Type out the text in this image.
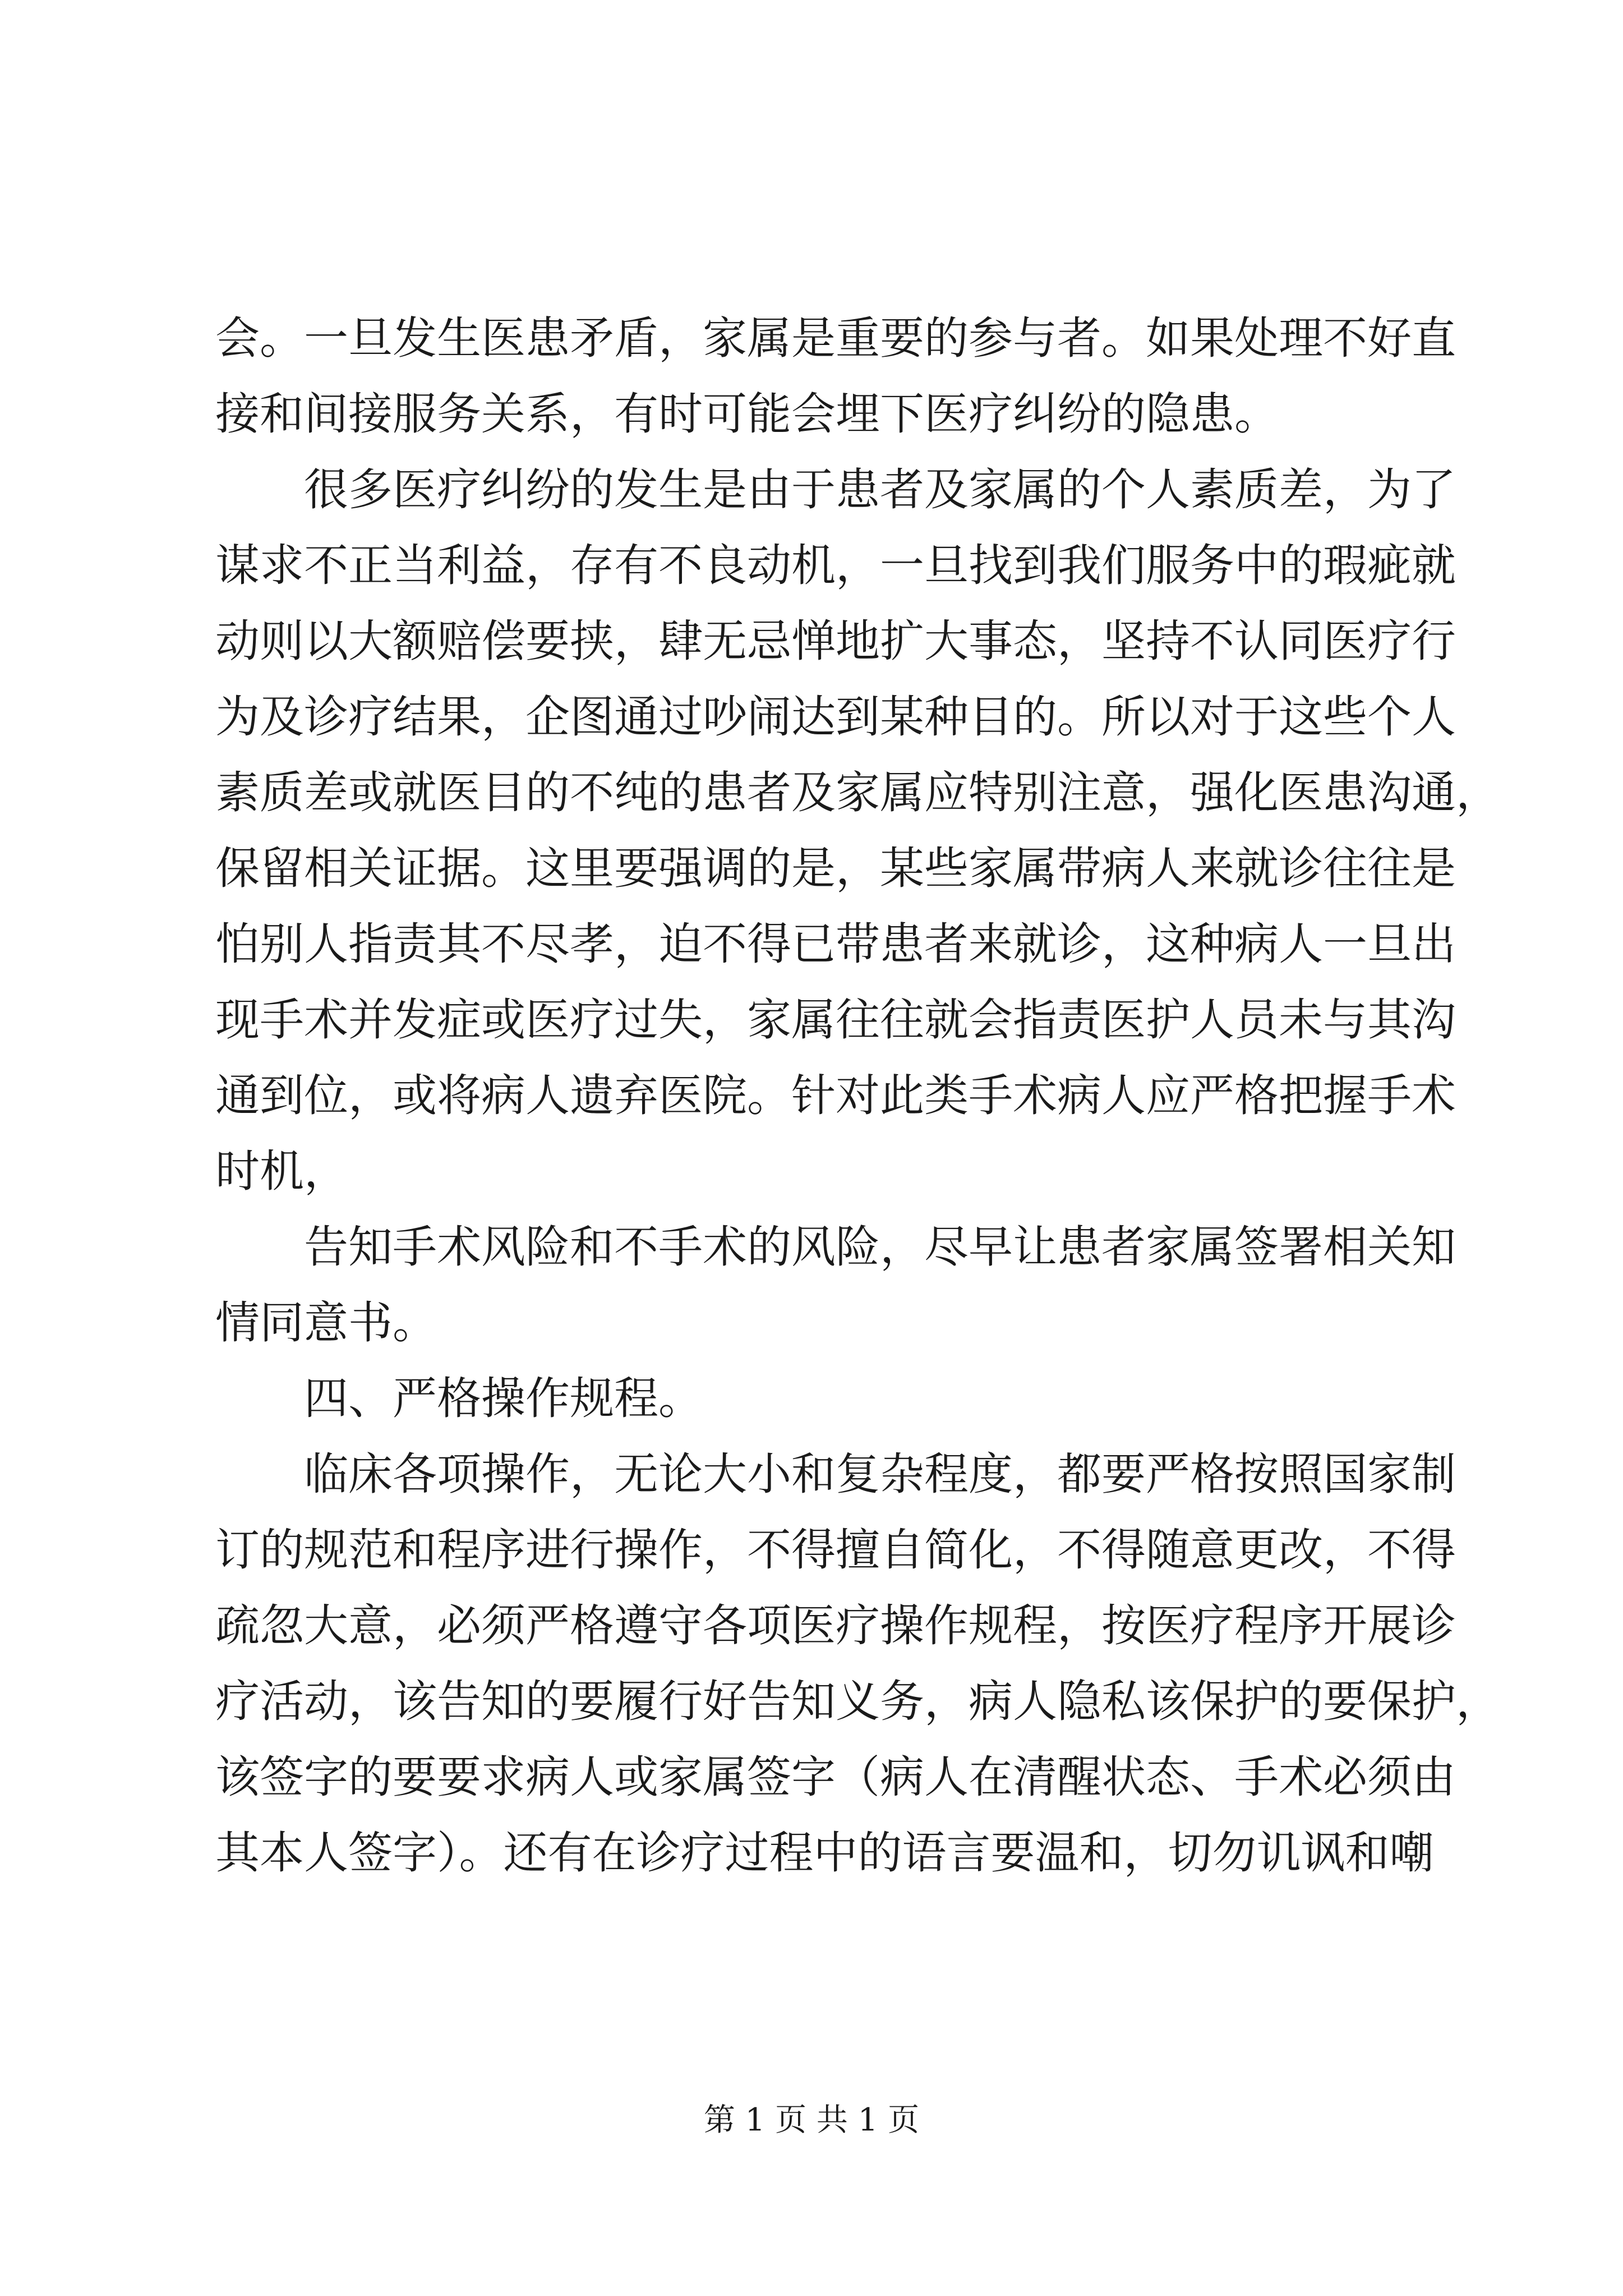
会。一旦发生医患矛盾，家属是重要的参与者。如果处理不好直
接和间接服务关系，有时可能会埋下医疗纠纷的隐患。
很多医疗纠纷的发生是由于患者及家属的个人素质差，为了
谋求不正当利益，存有不良动机，一旦找到我们服务中的瑕疵就
动则以大额赔偿要挟，肆无忌惮地扩大事态，坚持不认同医疗行
为及诊疗结果，企图通过吵闹达到某种目的。所以对于这些个人
素质差或就医目的不纯的患者及家属应特别注意，强化医患沟通，
保留相关证据。这里要强调的是，某些家属带病人来就诊往往是
怕别人指责其不尽孝，迫不得已带患者来就诊，这种病人一旦出
现手术并发症或医疗过失，家属往往就会指责医护人员未与其沟
通到位，或将病人遗弃医院。针对此类手术病人应严格把握手术
时机，
告知手术风险和不手术的风险，尽早让患者家属签署相关知
情同意书。
四、严格操作规程。
临床各项操作，无论大小和复杂程度，都要严格按照国家制
订的规范和程序进行操作，不得擅自简化，不得随意更改，不得
疏忽大意，必须严格遵守各项医疗操作规程，按医疗程序开展诊
疗活动，该告知的要履行好告知义务，病人隐私该保护的要保护，
该签字的要要求病人或家属签字（病人在清醒状态、手术必须由
其本人签字）。还有在诊疗过程中的语言要温和，切勿讥讽和嘲
第 1 页 共 1 页
